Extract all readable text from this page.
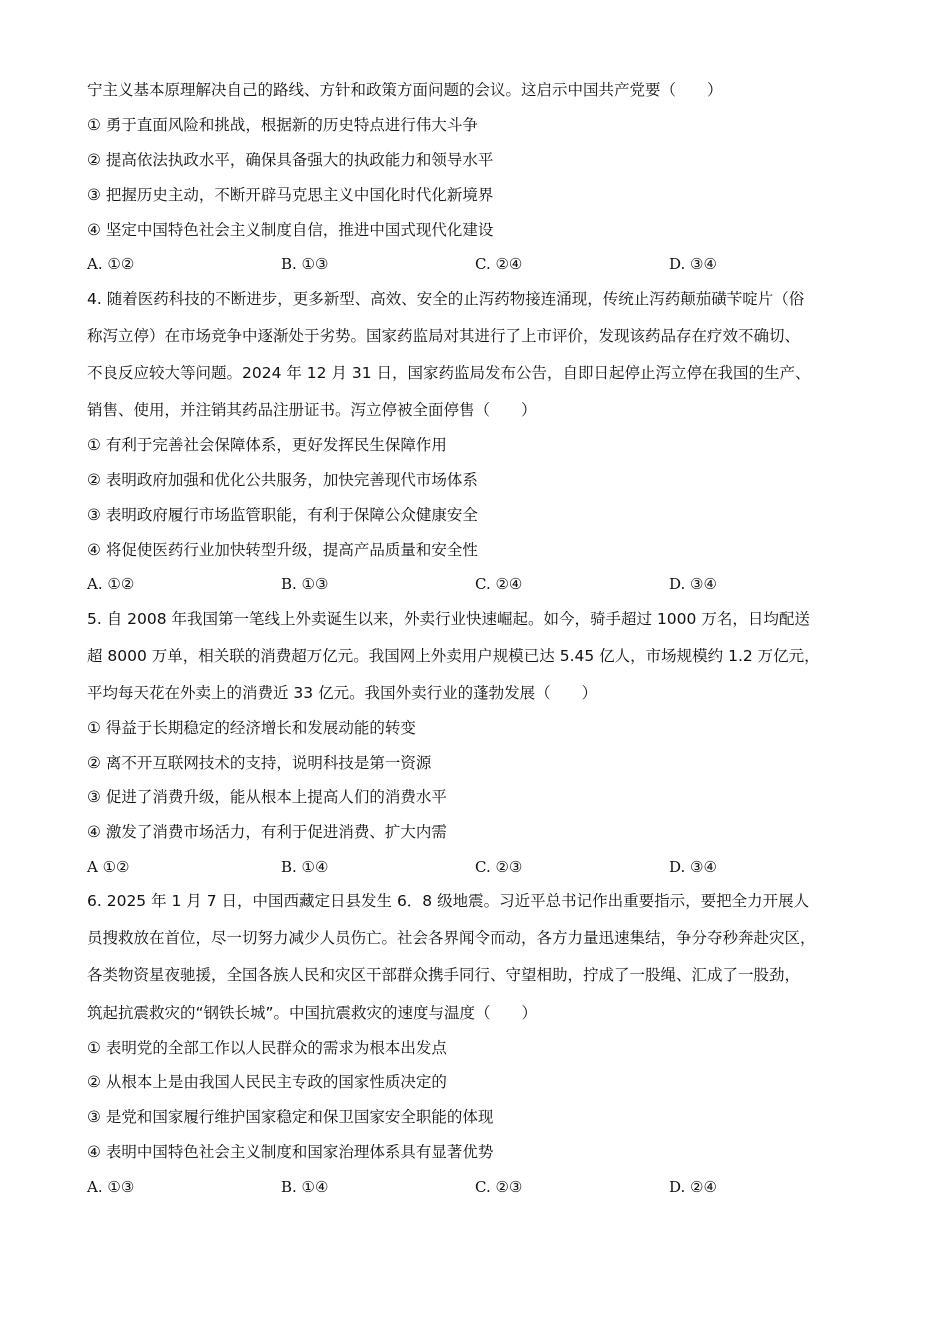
宁主义基本原理解决自己的路线、方针和政策方面问题的会议。这启示中国共产党要（　　）
① 勇于直面风险和挑战，根据新的历史特点进行伟大斗争
② 提高依法执政水平，确保具备强大的执政能力和领导水平
③ 把握历史主动，不断开辟马克思主义中国化时代化新境界
④ 坚定中国特色社会主义制度自信，推进中国式现代化建设
A. ①②	B. ①③	C. ②④	D. ③④
4. 随着医药科技的不断进步，更多新型、高效、安全的止泻药物接连涌现，传统止泻药颠茄磺苄啶片（俗
称泻立停）在市场竞争中逐渐处于劣势。国家药监局对其进行了上市评价，发现该药品存在疗效不确切、
不良反应较大等问题。2024 年 12 月 31 日，国家药监局发布公告，自即日起停止泻立停在我国的生产、
销售、使用，并注销其药品注册证书。泻立停被全面停售（　　）
① 有利于完善社会保障体系，更好发挥民生保障作用
② 表明政府加强和优化公共服务，加快完善现代市场体系
③ 表明政府履行市场监管职能，有利于保障公众健康安全
④ 将促使医药行业加快转型升级，提高产品质量和安全性
A. ①②	B. ①③	C. ②④	D. ③④
5. 自 2008 年我国第一笔线上外卖诞生以来，外卖行业快速崛起。如今，骑手超过 1000 万名，日均配送
超 8000 万单，相关联的消费超万亿元。我国网上外卖用户规模已达 5.45 亿人，市场规模约 1.2 万亿元，
平均每天花在外卖上的消费近 33 亿元。我国外卖行业的蓬勃发展（　　）
① 得益于长期稳定的经济增长和发展动能的转变
② 离不开互联网技术的支持，说明科技是第一资源
③ 促进了消费升级，能从根本上提高人们的消费水平
④ 激发了消费市场活力，有利于促进消费、扩大内需
A ①②	B. ①④	C. ②③	D. ③④
6. 2025 年 1 月 7 日，中国西藏定日县发生 6．8 级地震。习近平总书记作出重要指示，要把全力开展人
员搜救放在首位，尽一切努力减少人员伤亡。社会各界闻令而动，各方力量迅速集结，争分夺秒奔赴灾区，
各类物资星夜驰援，全国各族人民和灾区干部群众携手同行、守望相助，拧成了一股绳、汇成了一股劲，
筑起抗震救灾的“钢铁长城”。中国抗震救灾的速度与温度（　　）
① 表明党的全部工作以人民群众的需求为根本出发点
② 从根本上是由我国人民民主专政的国家性质决定的
③ 是党和国家履行维护国家稳定和保卫国家安全职能的体现
④ 表明中国特色社会主义制度和国家治理体系具有显著优势
A. ①③	B. ①④	C. ②③	D. ②④
